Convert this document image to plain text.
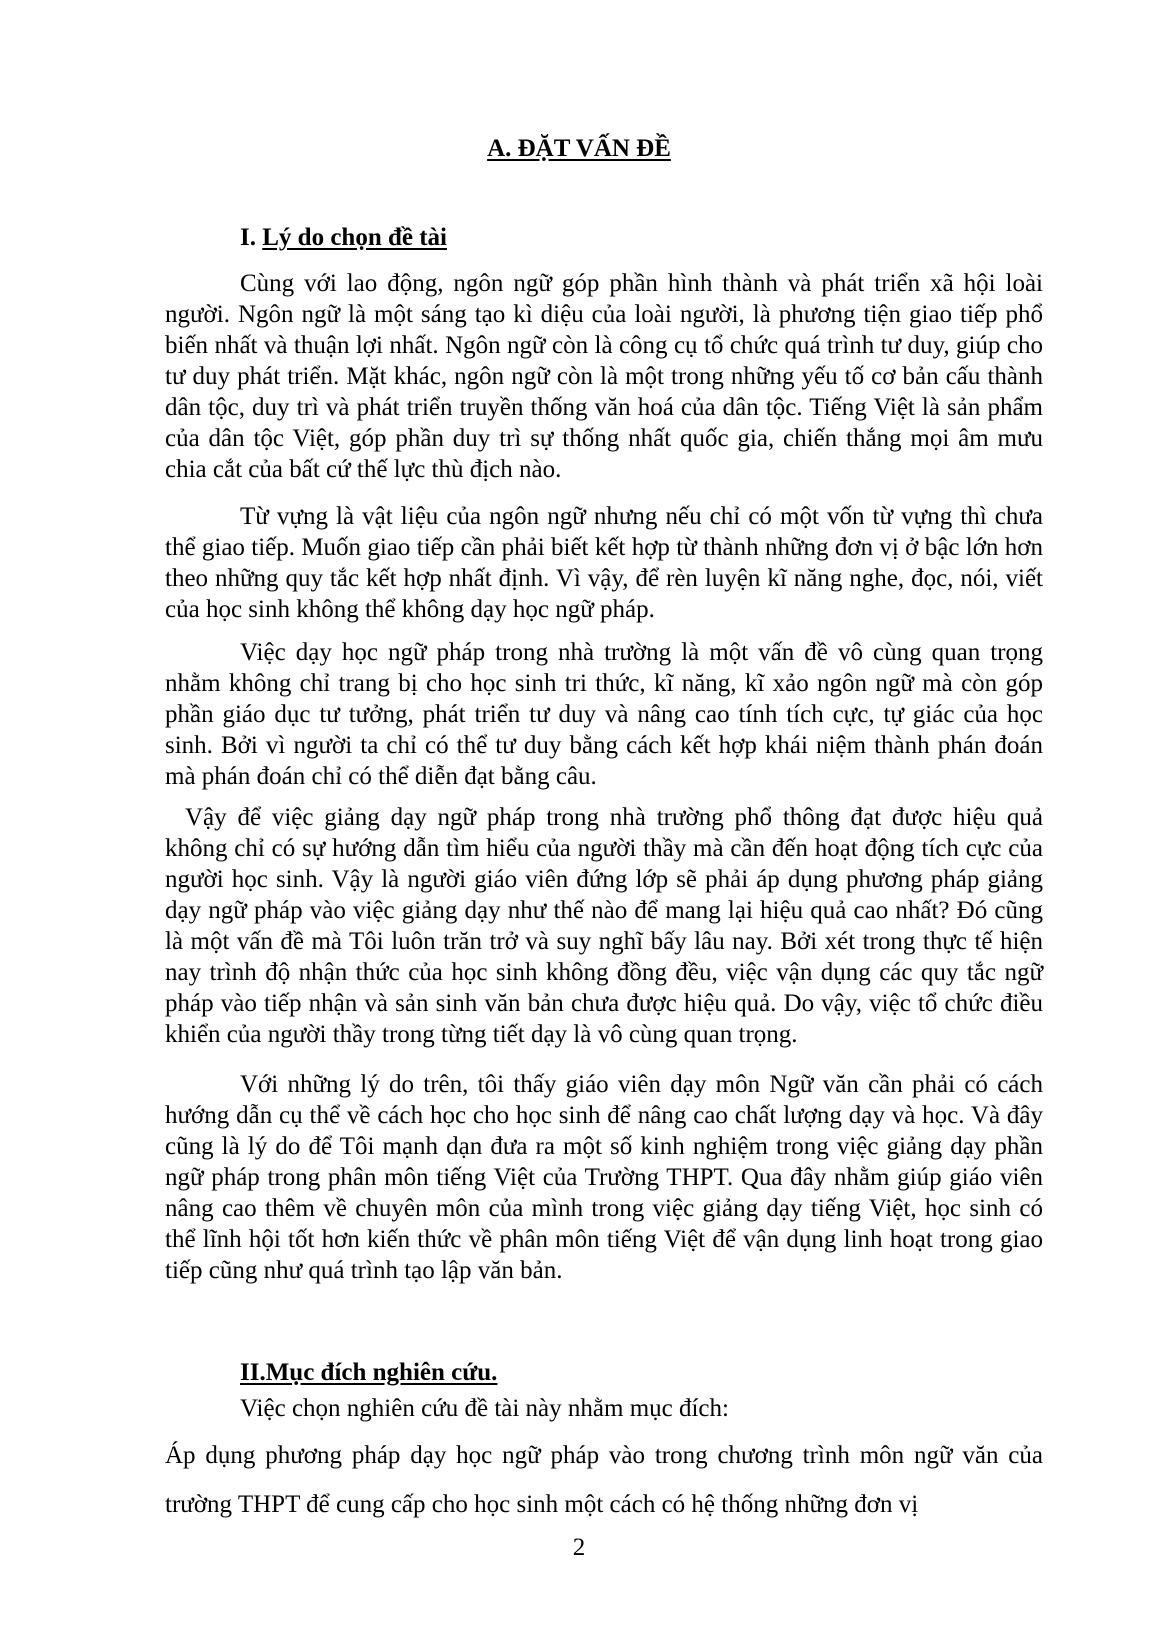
A. ĐẶT VẤN ĐỀ
I. Lý do chọn đề tài

Cùng với lao động, ngôn ngữ góp phần hình thành và phát triển xã hội loài người. Ngôn ngữ là một sáng tạo kì diệu của loài người, là phương tiện giao tiếp phổ biến nhất và thuận lợi nhất. Ngôn ngữ còn là công cụ tổ chức quá trình tư duy, giúp cho tư duy phát triển. Mặt khác, ngôn ngữ còn là một trong những yếu tố cơ bản cấu thành dân tộc, duy trì và phát triển truyền thống văn hoá của dân tộc. Tiếng Việt là sản phẩm của dân tộc Việt, góp phần duy trì sự thống nhất quốc gia, chiến thắng mọi âm mưu chia cắt của bất cứ thế lực thù địch nào.

Từ vựng là vật liệu của ngôn ngữ nhưng nếu chỉ có một vốn từ vựng thì chưa thể giao tiếp. Muốn giao tiếp cần phải biết kết hợp từ thành những đơn vị ở bậc lớn hơn theo những quy tắc kết hợp nhất định. Vì vậy, để rèn luyện kĩ năng nghe, đọc, nói, viết của học sinh không thể không dạy học ngữ pháp.

Việc dạy học ngữ pháp trong nhà trường là một vấn đề vô cùng quan trọng nhằm không chỉ trang bị cho học sinh tri thức, kĩ năng, kĩ xảo ngôn ngữ mà còn góp phần giáo dục tư tưởng, phát triển tư duy và nâng cao tính tích cực, tự giác của học sinh. Bởi vì người ta chỉ có thể tư duy bằng cách kết hợp khái niệm thành phán đoán mà phán đoán chỉ có thể diễn đạt bằng câu.

Vậy để việc giảng dạy ngữ pháp trong nhà trường phổ thông đạt được hiệu quả không chỉ có sự hướng dẫn tìm hiểu của người thầy mà cần đến hoạt động tích cực của người học sinh. Vậy là người giáo viên đứng lớp sẽ phải áp dụng phương pháp giảng dạy ngữ pháp vào việc giảng dạy như thế nào để mang lại hiệu quả cao nhất? Đó cũng là một vấn đề mà Tôi luôn trăn trở và suy nghĩ bấy lâu nay. Bởi xét trong thực tế hiện nay trình độ nhận thức của học sinh không đồng đều, việc vận dụng các quy tắc ngữ pháp vào tiếp nhận và sản sinh văn bản chưa được hiệu quả. Do vậy, việc tổ chức điều khiển của người thầy trong từng tiết dạy là vô cùng quan trọng.

Với những lý do trên, tôi thấy giáo viên dạy môn Ngữ văn cần phải có cách hướng dẫn cụ thể về cách học cho học sinh để nâng cao chất lượng dạy và học. Và đây cũng là lý do để Tôi mạnh dạn đưa ra một số kinh nghiệm trong việc giảng dạy phần ngữ pháp trong phân môn tiếng Việt của Trường THPT. Qua đây nhằm giúp giáo viên nâng cao thêm về chuyên môn của mình trong việc giảng dạy tiếng Việt, học sinh có thể lĩnh hội tốt hơn kiến thức về phân môn tiếng Việt để vận dụng linh hoạt trong giao tiếp cũng như quá trình tạo lập văn bản.

II.Mục đích nghiên cứu.

Việc chọn nghiên cứu đề tài này nhằm mục đích:

Áp dụng phương pháp dạy học ngữ pháp vào trong chương trình môn ngữ văn của trường THPT để cung cấp cho học sinh một cách có hệ thống những đơn vị

2
